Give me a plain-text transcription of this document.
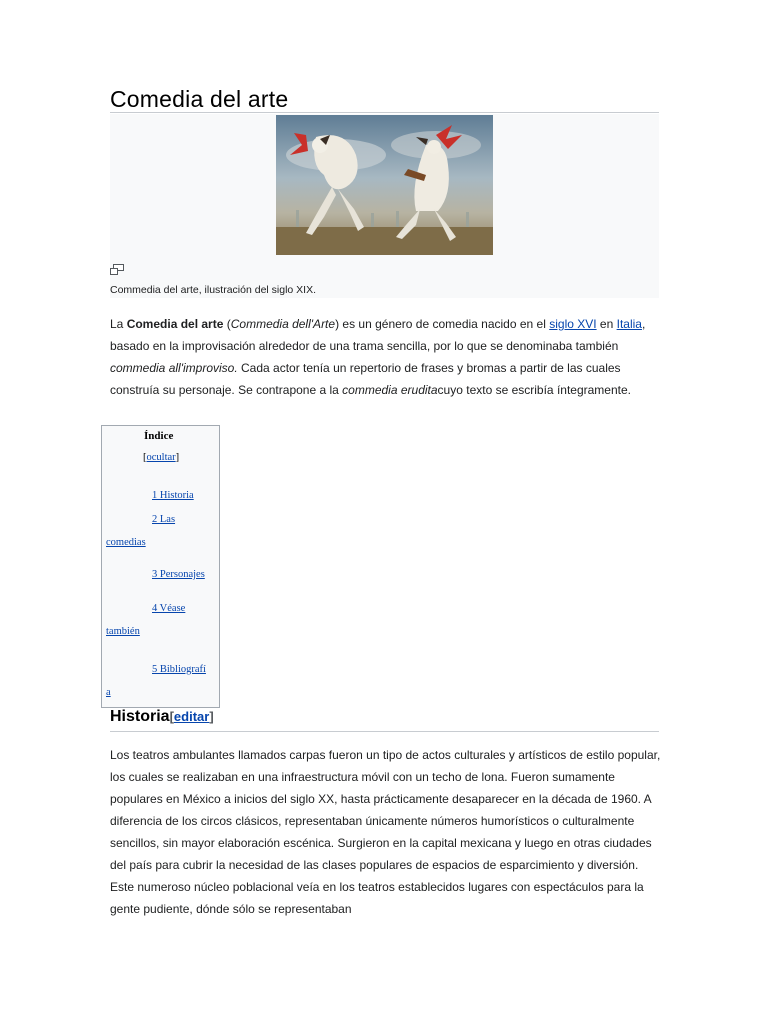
Comedia del arte
Commedia del arte, ilustración del siglo XIX.

La Comedia del arte (Commedia dell'Arte) es un género de comedia nacido en el siglo XVI en Italia, basado en la improvisación alrededor de una trama sencilla, por lo que se denominaba también commedia all'improviso. Cada actor tenía un repertorio de frases y bromas a partir de las cuales construía su personaje. Se contrapone a la commedia eruditacuyo texto se escribía íntegramente.

Índice
[ocultar]
1 Historia
2 Las
comedias
3 Personajes
4 Véase
también
5 Bibliografí
a
Historia[editar]

Los teatros ambulantes llamados carpas fueron un tipo de actos culturales y artísticos de estilo popular, los cuales se realizaban en una infraestructura móvil con un techo de lona. Fueron sumamente populares en México a inicios del siglo XX, hasta prácticamente desaparecer en la década de 1960. A diferencia de los circos clásicos, representaban únicamente números humorísticos o culturalmente sencillos, sin mayor elaboración escénica. Surgieron en la capital mexicana y luego en otras ciudades del país para cubrir la necesidad de las clases populares de espacios de esparcimiento y diversión. Este numeroso núcleo poblacional veía en los teatros establecidos lugares con espectáculos para la gente pudiente, dónde sólo se representaban
